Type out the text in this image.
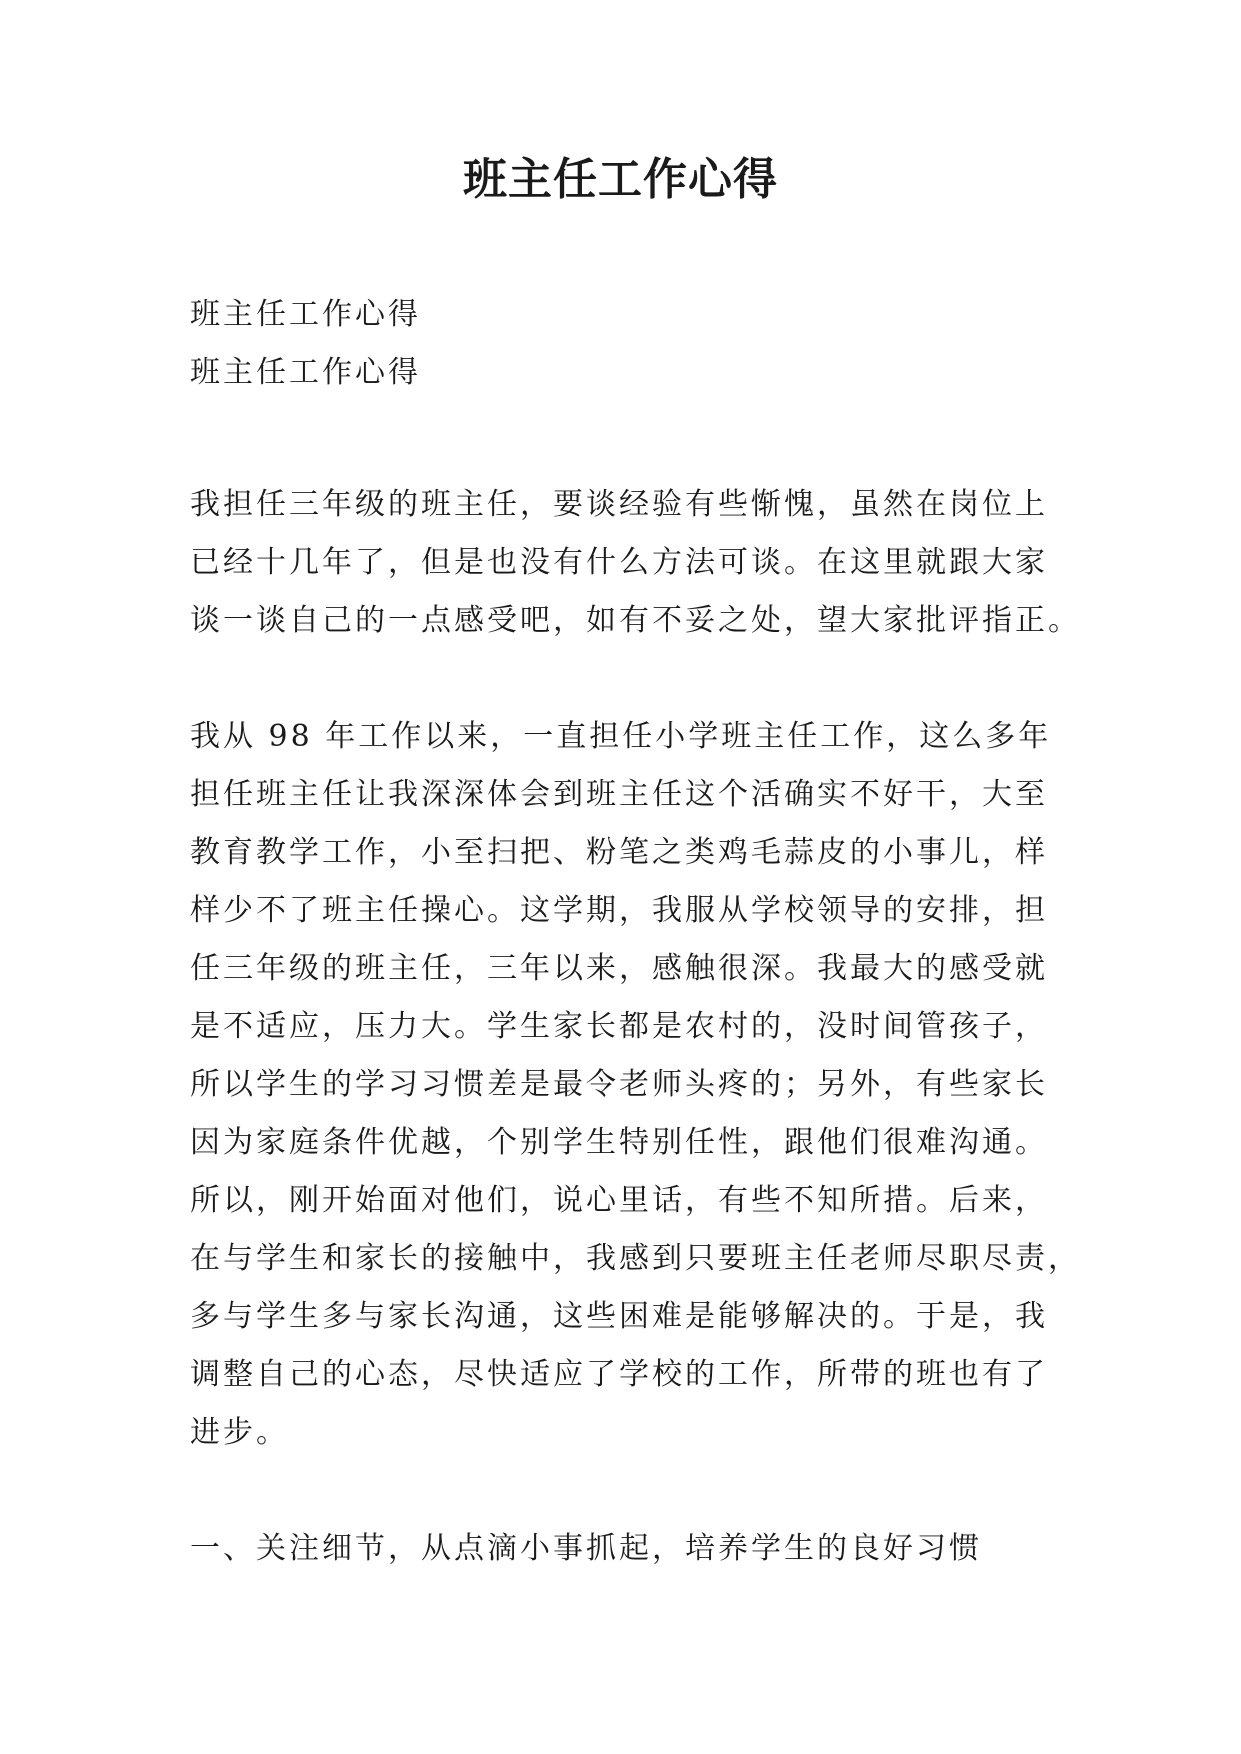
班主任工作心得

班主任工作心得

班主任工作心得

我担任三年级的班主任，要谈经验有些惭愧，虽然在岗位上

已经十几年了，但是也没有什么方法可谈。在这里就跟大家

谈一谈自己的一点感受吧，如有不妥之处，望大家批评指正。

我从 98 年工作以来，一直担任小学班主任工作，这么多年

担任班主任让我深深体会到班主任这个活确实不好干，大至

教育教学工作，小至扫把、粉笔之类鸡毛蒜皮的小事儿，样

样少不了班主任操心。这学期，我服从学校领导的安排，担

任三年级的班主任，三年以来，感触很深。我最大的感受就

是不适应，压力大。学生家长都是农村的，没时间管孩子，

所以学生的学习习惯差是最令老师头疼的；另外，有些家长

因为家庭条件优越，个别学生特别任性，跟他们很难沟通。

所以，刚开始面对他们，说心里话，有些不知所措。后来，

在与学生和家长的接触中，我感到只要班主任老师尽职尽责，

多与学生多与家长沟通，这些困难是能够解决的。于是，我

调整自己的心态，尽快适应了学校的工作，所带的班也有了

进步。

一、关注细节，从点滴小事抓起，培养学生的良好习惯
